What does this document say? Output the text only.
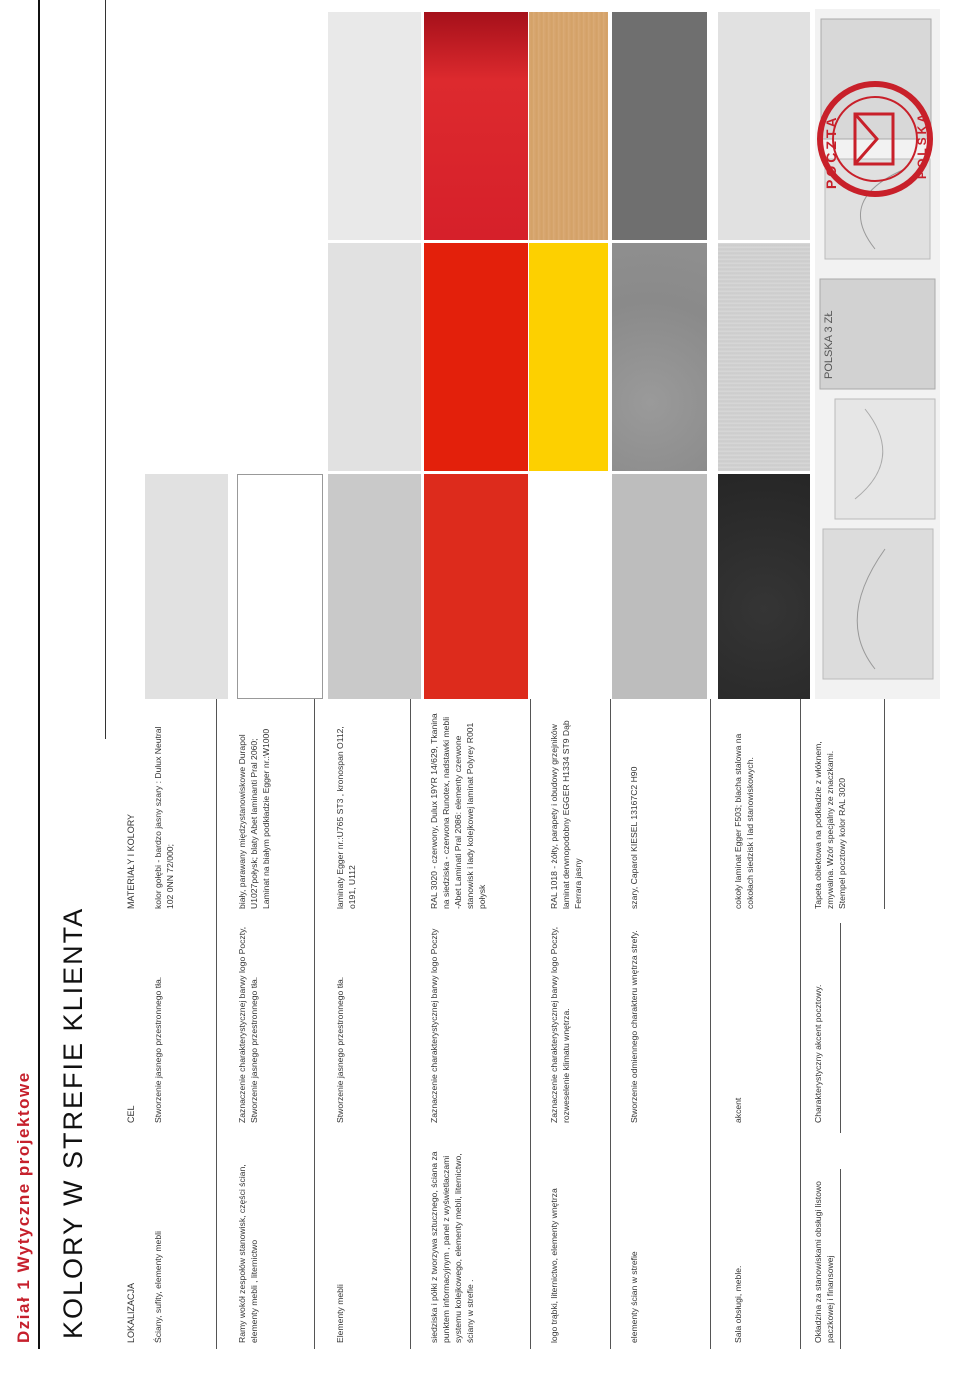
Dział 1 Wytyczne projektowe KOLORY W STREFIE KLIENTA	LOKALIZACJA
CEL
MATERIAŁY I KOLORY
Ściany, sufity, elementy mebli
Stworzenie jasnego przestronnego tła.
kolor gołębi - bardzo jasny szary : Dulux Neutral 102 0NN 72/000;
Ramy wokół zespołów stanowisk, części ścian, elementy mebli , liternictwo
Zaznaczenie charakterystycznej barwy logo Poczty, Stworzenie jasnego przestronnego tła.
biały, parawany międzystanowiskowe Durapol U1027połysk; blaty Abet laminanti Pral 2060; Laminat na białym podkładzie Egger nr.:W1000
Elementy mebli
Stworzenie jasnego przestronnego tła.
laminaty Egger nr.:U765 ST3 , kronospan O112, o191, U112
siedziska i półki z tworzywa sztucznego, ściana za punktem informacyjnym , panel z wyświetlaczami systemu kolejkowego, elementy mebli, liternictwo, ściany w strefie .
Zaznaczenie charakterystycznej barwy logo Poczty
RAL 3020 - czerwony, Dulux 19YR 14/629, Tkanina na siedziska - czerwona Runotex, nadstawki mebli -Abet Laminati Pral 2086: elementy czerwone stanowisk i lady kolejkowej laminat Polyrey R001 połysk
logo trąbki, liternictwo, elementy wnętrza
Zaznaczenie charakterystycznej barwy logo Poczty, rozweselenie klimatu wnętrza.
RAL 1018 - żółty, parapety i obudowy grzejników laminat derwnopodobny EGGER H1334 ST9 Dąb Ferrara jasny
elementy ścian w strefie
Stworzenie odmiennego charakteru wnętrza strefy.
szary, Caparol KIESEL 13167C2 H90
Sala obsługi, meble.
akcent
cokoły laminat Egger F503; blacha stalowa na cokołach siedzisk i lad stanowiskowych.
Okładzina za stanowiskami obsługi listowo paczkowej i finansowej
Charakterystyczny akcent pocztowy.
Tapeta obiektowa na podkładzie z włóknem, zmywalna. Wzór specjalny ze znaczkami. Stempel pocztowy kolor RAL 3020
POCZTA	POLSKA
POLSKA 3 ZŁ
